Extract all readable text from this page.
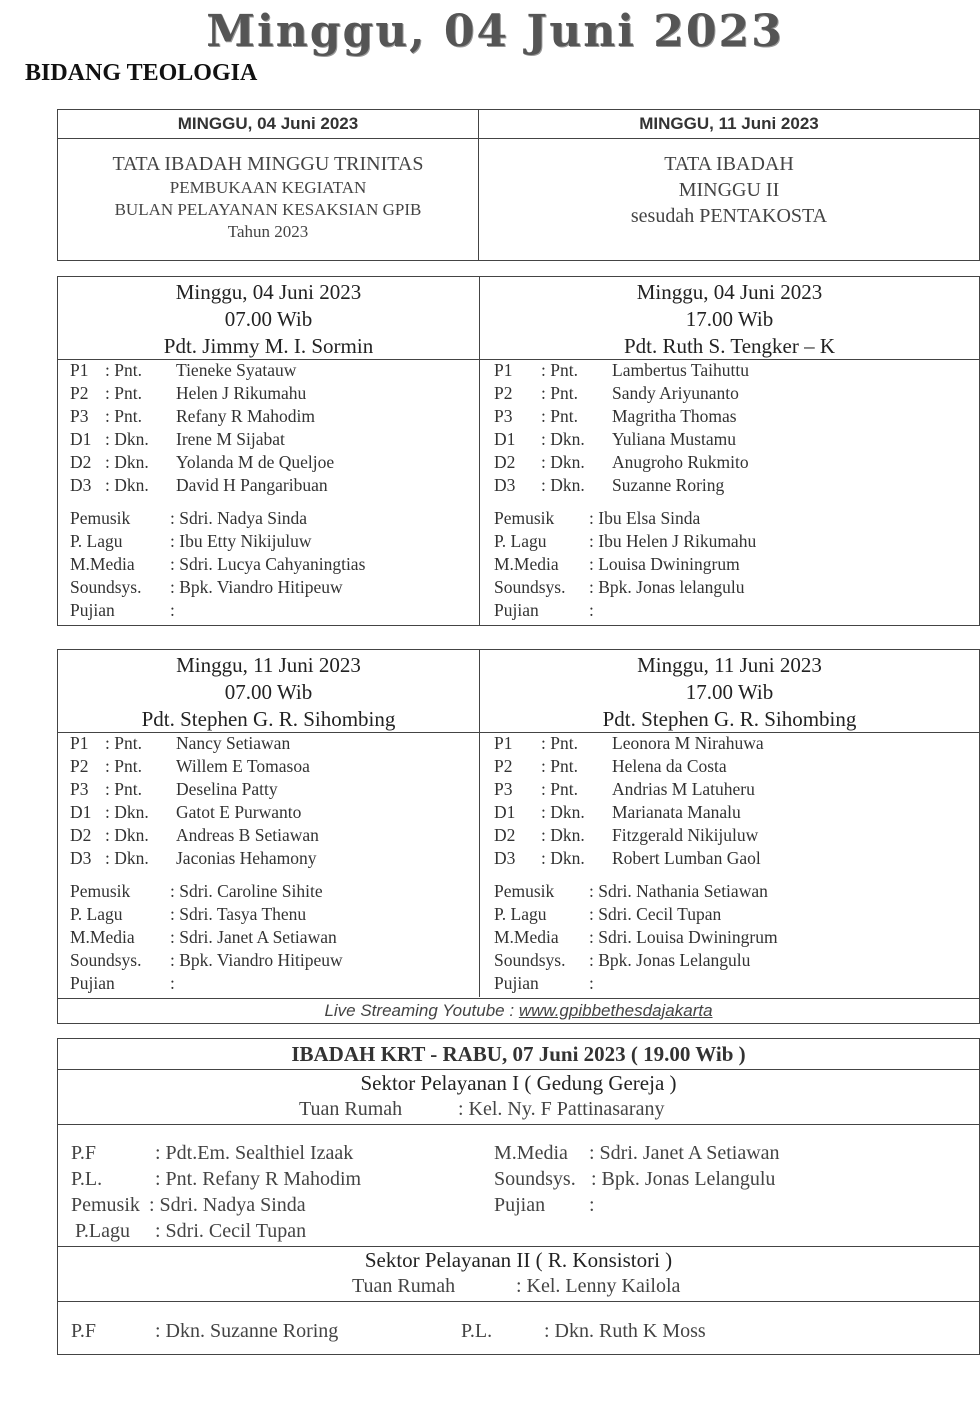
Minggu, 04 Juni 2023
BIDANG TEOLOGIA
MINGGU, 04 Juni 2023	MINGGU, 11 Juni 2023
TATA IBADAH MINGGU TRINITAS
PEMBUKAAN KEGIATAN
BULAN PELAYANAN KESAKSIAN GPIB
Tahun 2023
TATA IBADAH
MINGGU II
sesudah PENTAKOSTA
Minggu, 04 Juni 2023
07.00 Wib
Pdt. Jimmy M. I. Sormin
Minggu, 04 Juni 2023
17.00 Wib
Pdt. Ruth S. Tengker – K
P1 : Pnt. Tieneke Syatauw
P2 : Pnt. Helen J Rikumahu
P3 : Pnt. Refany R Mahodim
D1 : Dkn. Irene M Sijabat
D2 : Dkn. Yolanda M de Queljoe
D3 : Dkn. David H Pangaribuan
Pemusik : Sdri. Nadya Sinda
P. Lagu	: Ibu Etty Nikijuluw
M.Media : Sdri. Lucya Cahyaningtias
Soundsys. : Bpk. Viandro Hitipeuw
Pujian	:
P1 : Pnt. Lambertus Taihuttu
P2 : Pnt. Sandy Ariyunanto
P3 : Pnt. Magritha Thomas
D1 : Dkn. Yuliana Mustamu
D2 : Dkn. Anugroho Rukmito
D3 : Dkn. Suzanne Roring
Pemusik : Ibu Elsa Sinda
P. Lagu : Ibu Helen J Rikumahu
M.Media : Louisa Dwiningrum
Soundsys. : Bpk. Jonas lelangulu
Pujian	:
Minggu, 11 Juni 2023
07.00 Wib
Pdt. Stephen G. R. Sihombing
Minggu, 11 Juni 2023
17.00 Wib
Pdt. Stephen G. R. Sihombing
P1 : Pnt. Nancy Setiawan
P2 : Pnt. Willem E Tomasoa
P3 : Pnt. Deselina Patty
D1 : Dkn. Gatot E Purwanto
D2 : Dkn. Andreas B Setiawan
D3 : Dkn. Jaconias Hehamony
Pemusik : Sdri. Caroline Sihite
P. Lagu	: Sdri. Tasya Thenu
M.Media : Sdri. Janet A Setiawan
Soundsys. : Bpk. Viandro Hitipeuw
Pujian	:
P1 : Pnt. Leonora M Nirahuwa
P2 : Pnt. Helena da Costa
P3 : Pnt. Andrias M Latuheru
D1 : Dkn. Marianata Manalu
D2 : Dkn. Fitzgerald Nikijuluw
D3 : Dkn. Robert Lumban Gaol
Pemusik : Sdri. Nathania Setiawan
P. Lagu : Sdri. Cecil Tupan
M.Media : Sdri. Louisa Dwiningrum
Soundsys. : Bpk. Jonas Lelangulu
Pujian	:
Live Streaming Youtube : www.gpibbethesdajakarta
IBADAH KRT - RABU, 07 Juni 2023 ( 19.00 Wib )
Sektor Pelayanan I ( Gedung Gereja )
Tuan Rumah	: Kel. Ny. F Pattinasarany
P.F	: Pdt.Em. Sealthiel Izaak
P.L.	: Pnt. Refany R Mahodim
Pemusik : Sdri. Nadya Sinda
P.Lagu : Sdri. Cecil Tupan
M.Media : Sdri. Janet A Setiawan
Soundsys. : Bpk. Jonas Lelangulu
Pujian :
Sektor Pelayanan II ( R. Konsistori )
Tuan Rumah	: Kel. Lenny Kailola
P.F	: Dkn. Suzanne Roring	P.L.	: Dkn. Ruth K Moss
